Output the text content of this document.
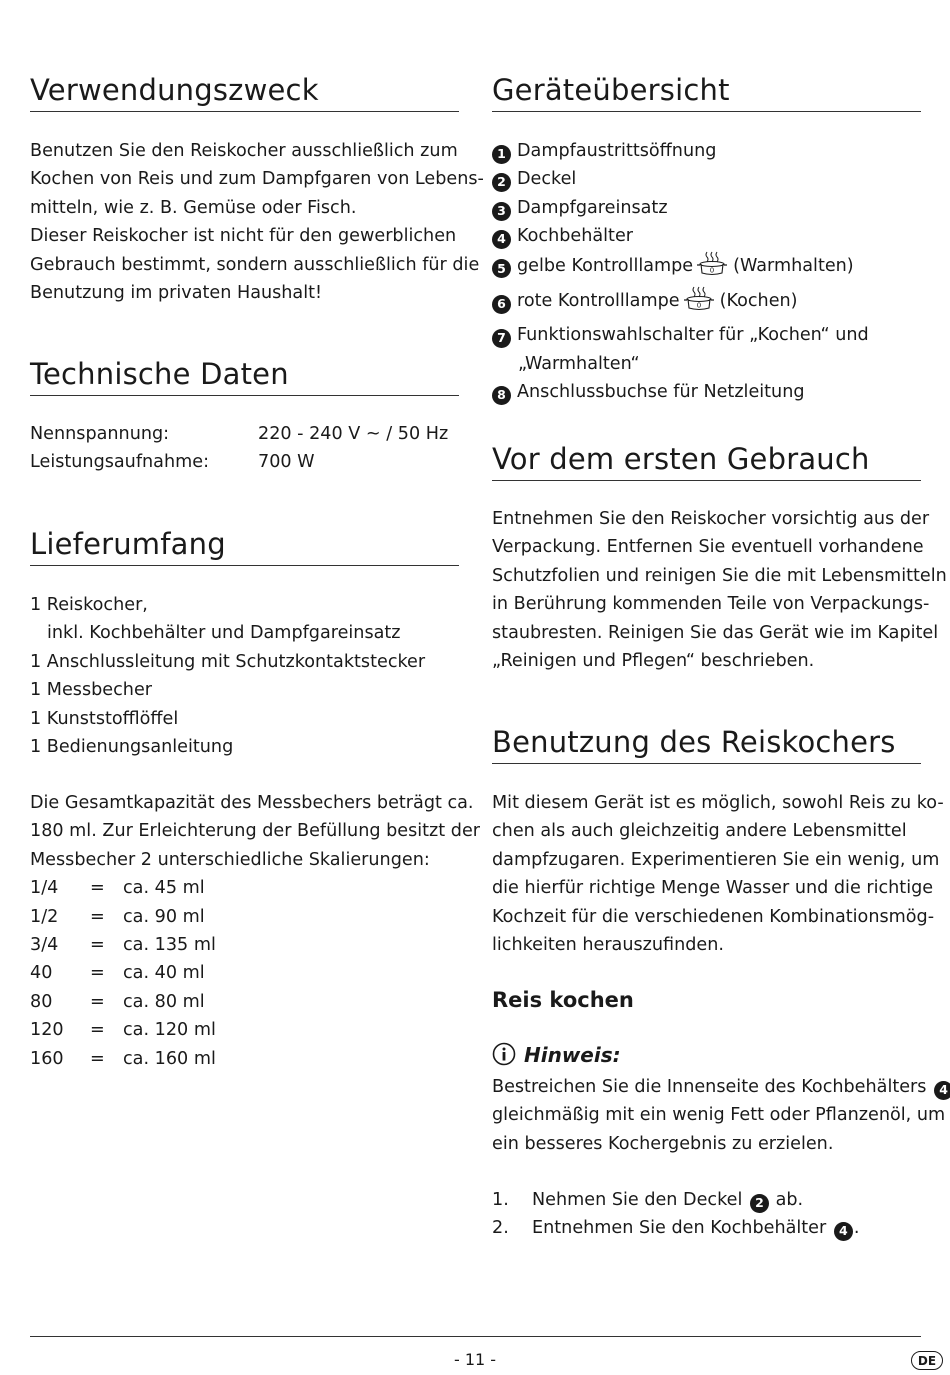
Verwendungszweck
Benutzen Sie den Reiskocher ausschließlich zum
Kochen von Reis und zum Dampfgaren von Lebens-
mitteln, wie z. B. Gemüse oder Fisch.
Dieser Reiskocher ist nicht für den gewerblichen
Gebrauch bestimmt, sondern ausschließlich für die
Benutzung im privaten Haushalt!
Technische Daten
Nennspannung:	220 - 240 V ~ / 50 Hz
Leistungsaufnahme:	700 W
Lieferumfang
1 Reiskocher,
inkl. Kochbehälter und Dampfgareinsatz
1 Anschlussleitung mit Schutzkontaktstecker
1 Messbecher
1 Kunststofflöffel
1 Bedienungsanleitung
Die Gesamtkapazität des Messbechers beträgt ca.
180 ml. Zur Erleichterung der Befüllung besitzt der
Messbecher 2 unterschiedliche Skalierungen:
1/4 = ca. 45 ml
1/2 = ca. 90 ml
3/4 = ca. 135 ml
40 = ca. 40 ml
80 = ca. 80 ml
120 = ca. 120 ml
160 = ca. 160 ml
Geräteübersicht
1 Dampfaustrittsöffnung
2 Deckel
3 Dampfgareinsatz
4 Kochbehälter
5 gelbe Kontrolllampe 0 (Warmhalten)
6 rote Kontrolllampe 0 (Kochen)
7 Funktionswahlschalter für „Kochen“ und
„Warmhalten“
8 Anschlussbuchse für Netzleitung
Vor dem ersten Gebrauch
Entnehmen Sie den Reiskocher vorsichtig aus der
Verpackung. Entfernen Sie eventuell vorhandene
Schutzfolien und reinigen Sie die mit Lebensmitteln
in Berührung kommenden Teile von Verpackungs-
staubresten. Reinigen Sie das Gerät wie im Kapitel
„Reinigen und Pflegen“ beschrieben.
Benutzung des Reiskochers
Mit diesem Gerät ist es möglich, sowohl Reis zu ko-
chen als auch gleichzeitig andere Lebensmittel
dampfzugaren. Experimentieren Sie ein wenig, um
die hierfür richtige Menge Wasser und die richtige
Kochzeit für die verschiedenen Kombinationsmög-
lichkeiten herauszufinden.
Reis kochen
Hinweis:
Bestreichen Sie die Innenseite des Kochbehälters 4
gleichmäßig mit ein wenig Fett oder Pflanzenöl, um
ein besseres Kochergebnis zu erzielen.
1. Nehmen Sie den Deckel 2 ab.
2. Entnehmen Sie den Kochbehälter 4 .
- 11 -	DE
